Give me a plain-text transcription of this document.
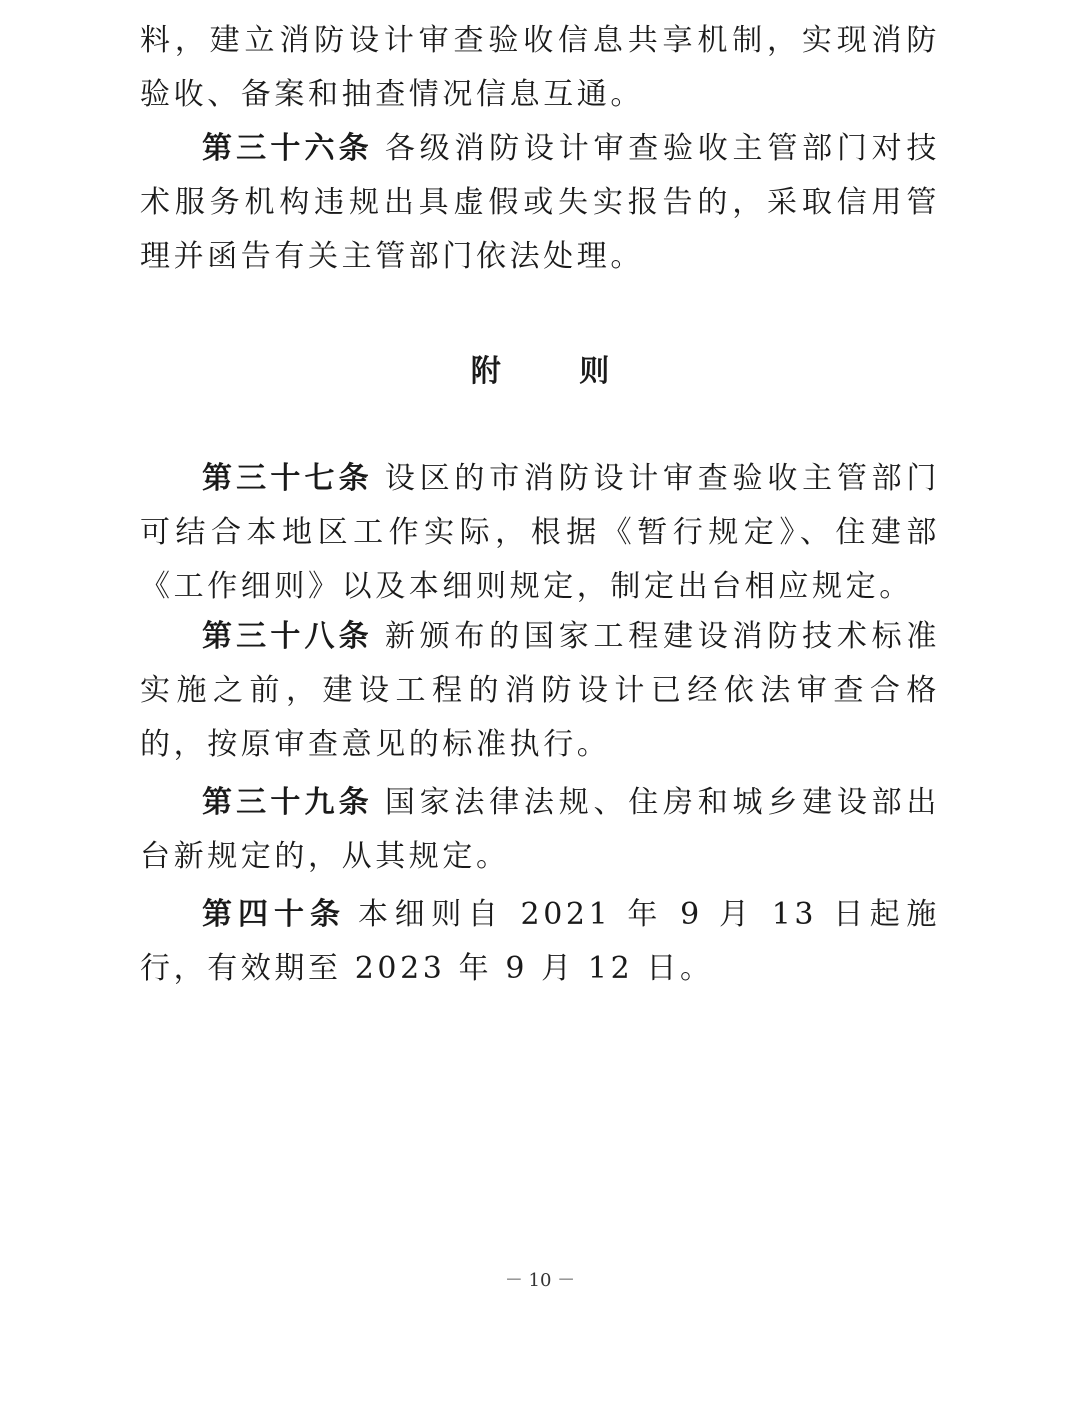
料，建立消防设计审查验收信息共享机制，实现消防验收、备案和抽查情况信息互通。

第三十六条 各级消防设计审查验收主管部门对技术服务机构违规出具虚假或失实报告的，采取信用管理并函告有关主管部门依法处理。

附 则

第三十七条 设区的市消防设计审查验收主管部门可结合本地区工作实际，根据《暂行规定》、住建部《工作细则》以及本细则规定，制定出台相应规定。

第三十八条 新颁布的国家工程建设消防技术标准实施之前，建设工程的消防设计已经依法审查合格的，按原审查意见的标准执行。

第三十九条 国家法律法规、住房和城乡建设部出台新规定的，从其规定。

第四十条 本细则自 2021 年 9 月 13 日起施行，有效期至 2023 年 9 月 12 日。

－ 10 －
